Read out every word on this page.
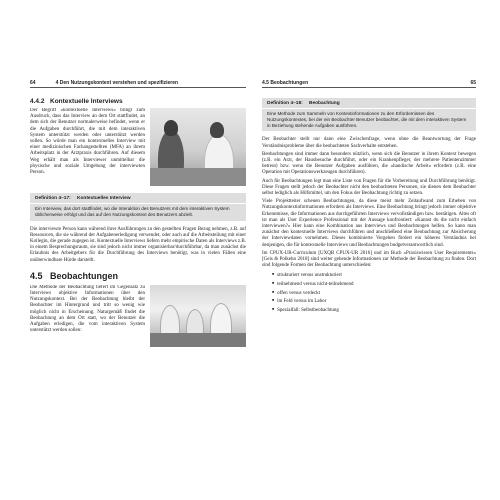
64	4 Den Nutzungskontext verstehen und spezifizieren
4.4.2 Kontextuelle Interviews

Der Begriff »kontextuelle Interviews« bringt zum Ausdruck, dass das Interview an dem Ort stattfindet, an dem sich der Benutzer normalerweise befindet, wenn er die Aufgaben durchführt, die mit dem interaktiven System unterstützt werden oder unterstützt werden sollen. So würde man ein kontextuelles Interview mit einer medizinischen Fachangestellten (MFA) an ihrem Arbeitsplatz in der Arztpraxis durchführen. Auf diesem Weg erhält man als Interviewer unmittelbar die physische und soziale Umgebung der interviewten Person.

Definition 4–17:	Kontextuelles Interview
Ein Interview, das dort stattfindet, wo die Interaktion des Benutzers mit dem interaktiven System üblicherweise erfolgt und das auf den Nutzungskontext des Benutzers abzielt.

Die interviewte Person kann während ihrer Ausführungen zu den gestellten Fragen Bezug nehmen, z.B. auf Ressourcen, die sie während der Aufgabenerledigung verwendet, oder auch auf die Arbeitsteilung mit einer Kollegin, die gerade zugegen ist. Kontextuelle Interviews liefern mehr empirische Daten als Interviews z.B. in einem Besprechungsraum, sie sind jedoch nicht immer organisierbar/durchführbar, da man zunächst die Erlaubnis des Arbeitgebers für die Durchführung des Interviews benötigt, was in vielen Fällen eine unüberwindbare Hürde darstellt.

4.5 Beobachtungen

Die Methode der Beobachtung liefert im Gegensatz zu Interviews objektive Informationen über den Nutzungskontext. Bei der Beobachtung bleibt der Beobachter im Hintergrund und tritt so wenig wie möglich nicht in Erscheinung. Naturgemäß findet die Beobachtung an dem Ort statt, wo der Benutzer die Aufgaben erledigen, die vom interaktiven System unterstützt werden sollen:

4.5 Beobachtungen	65
Definition 4–18:	Beobachtung
Eine Methode zum Sammeln von Kontextinformationen zu den Erfordernissen des Nutzungskontextes, bei der ein Beobachter Benutzer beobachtet, die mit dem interaktiven System in Beziehung stehende Aufgaben ausführen.

Der Beobachter stellt nur dann eine Zwischenfrage, wenn ohne die Beantwortung der Frage Verständnisprobleme über die beobachteten Sachverhalte entstehen.

Beobachtungen sind immer dann besonders nützlich, wenn sich die Benutzer in ihrem Kontext bewegen (z.B. ein Arzt, der Hausbesuche durchführt, oder ein Krankenpfleger, der mehrere Patientenzimmer betreut) bzw. wenn die Benutzer Aufgaben ausführen, die »handische Arbeit« erfordern (z.B. eine Operation mit Operationswerkzeugen durchführen).

Auch für Beobachtungen legt man eine Liste von Fragen für die Vorbereitung und Durchführung benötigt. Diese Fragen stellt jedoch der Beobachter nicht den beobachteten Personen, sie dienen dem Beobachter selbst lediglich als Hilfsmittel, um den Fokus der Beobachtung richtig zu setzen.

Viele Projektteiter scheuen Beobachtungen, da diese meist mehr Zeitaufwand zum Erheben von Nutzungskontextinformationen erfordern als Interviews. Eine Beobachtung bringt jedoch immer objektive Erkenntnisse, die Informationen aus durchgeführten Interviews vervollständigen bzw. bestätigen. Altes oft ist man als User Experience Professional mit der Aussage konfrontiert: »Kannst du die nicht einfach interviewen?« Hier kann eine Kombination aus Interviews und Beobachtungen helfen. So kann man zunächst den kontextuelle Interviews durchführen und anschließend eine Beobachtung zur Absicherung der Interviewdaten vornehmen. Dieses kombinierte Vorgehen fördert ein höheres Verständnis bei denjenigen, die für kontextuelle Interviews und Beobachtungen budgetverantwortlich sind.

Im CPUX-UR-Curriculum [UXQB CPUX-UR 2016] und im Buch »Praxiswissen User Requirements« [Geis & Polkehn 2018] sind weiter gehende Informationen zur Methode der Beobachtung zu finden. Dort sind folgende Formen der Beobachtung unterschieden:

■ strukturiert versus unstrukturiert
■ teilnehmend versus nicht-teilnehmend
■ offen versus verdeckt
■ im Feld versus im Labor
■ Spezialfall: Selbstbeobachtung
